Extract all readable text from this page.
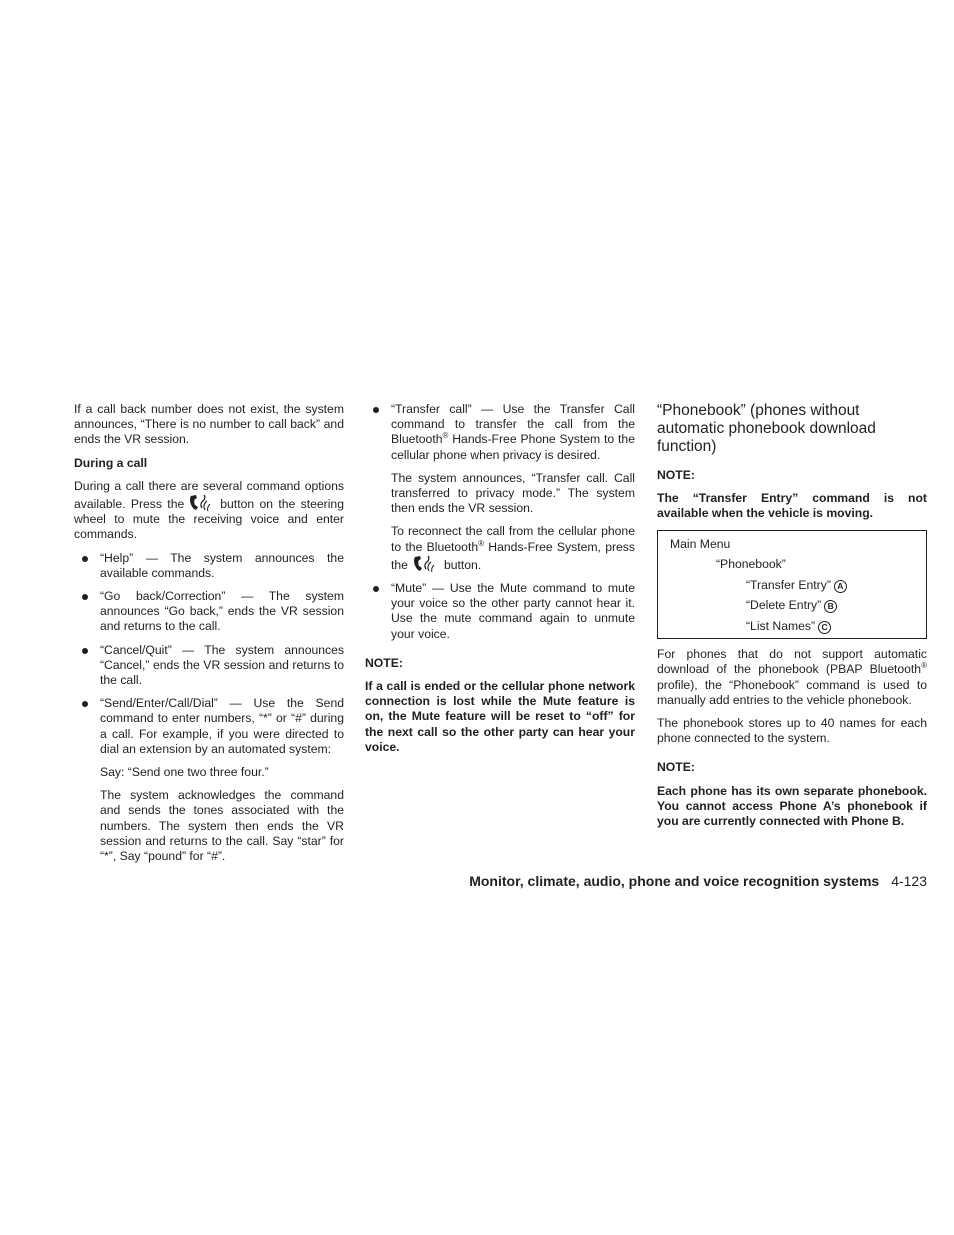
If a call back number does not exist, the system announces, “There is no number to call back” and ends the VR session.

During a call

During a call there are several command options available. Press the	button on the steering wheel to mute the receiving voice and enter commands.

“Help” — The system announces the available commands.

“Go back/Correction” — The system announces “Go back,” ends the VR session and returns to the call.

“Cancel/Quit” — The system announces “Cancel,” ends the VR session and returns to the call.

“Send/Enter/Call/Dial” — Use the Send command to enter numbers, “*” or “#” during a call. For example, if you were directed to dial an extension by an automated system:

Say: “Send one two three four.”

The system acknowledges the command and sends the tones associated with the numbers. The system then ends the VR session and returns to the call. Say “star” for “*”, Say “pound” for “#”.

“Transfer call” — Use the Transfer Call command to transfer the call from the Bluetooth® Hands-Free Phone System to the cellular phone when privacy is desired.

The system announces, “Transfer call. Call transferred to privacy mode.” The system then ends the VR session.

To reconnect the call from the cellular phone to the Bluetooth® Hands-Free System, press the	button.

“Mute” — Use the Mute command to mute your voice so the other party cannot hear it. Use the mute command again to unmute your voice.

NOTE:

If a call is ended or the cellular phone network connection is lost while the Mute feature is on, the Mute feature will be reset to “off” for the next call so the other party can hear your voice.

“Phonebook” (phones without automatic phonebook download function)
NOTE:

The “Transfer Entry” command is not available when the vehicle is moving.

Main Menu
“Phonebook”
“Transfer Entry” A
“Delete Entry” B
“List Names” C

For phones that do not support automatic download of the phonebook (PBAP Bluetooth® profile), the “Phonebook” command is used to manually add entries to the vehicle phonebook.

The phonebook stores up to 40 names for each phone connected to the system.

NOTE:

Each phone has its own separate phonebook. You cannot access Phone A’s phonebook if you are currently connected with Phone B.

Monitor, climate, audio, phone and voice recognition systems 4-123
